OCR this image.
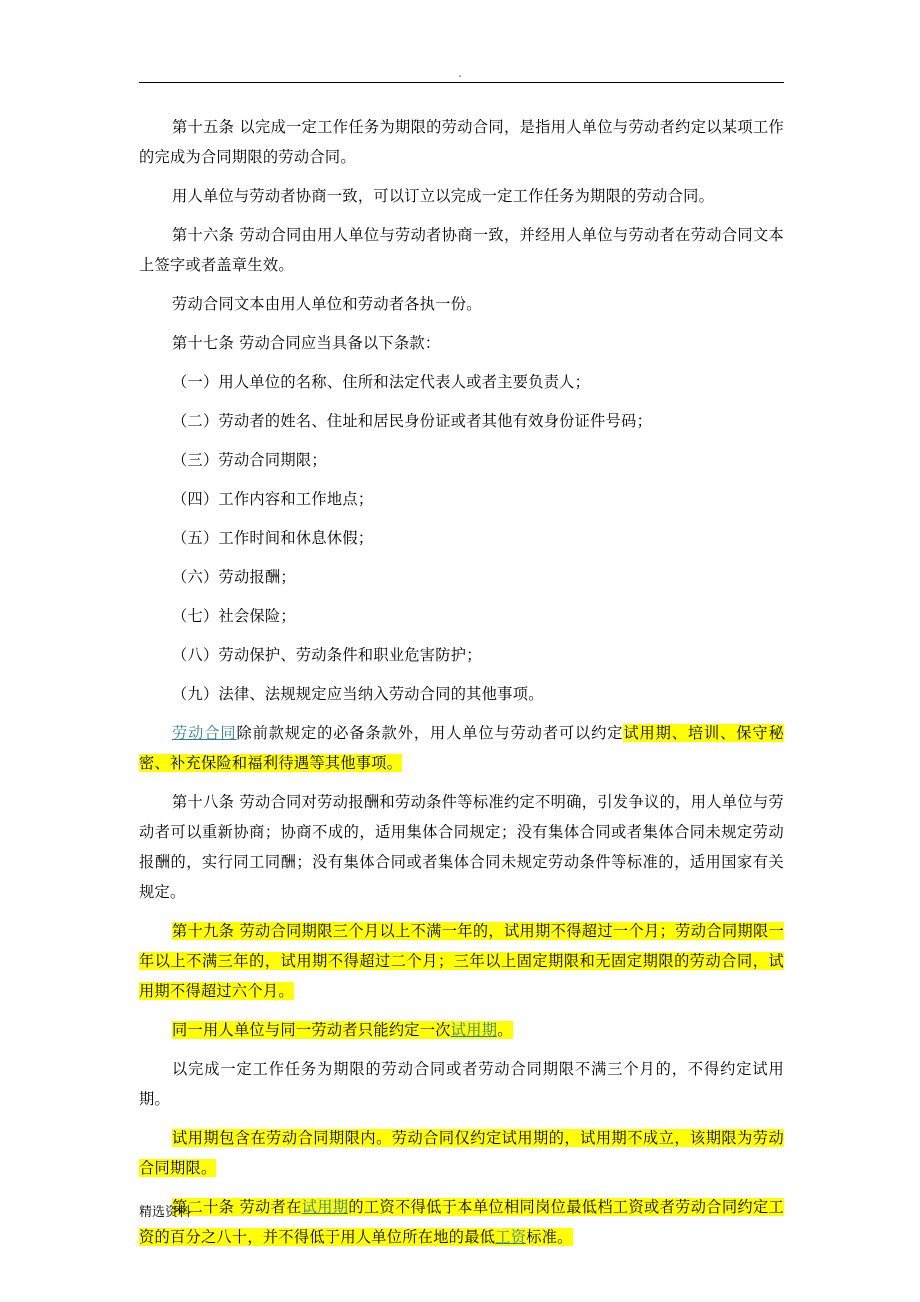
.

第十五条 以完成一定工作任务为期限的劳动合同，是指用人单位与劳动者约定以某项工作的完成为合同期限的劳动合同。

用人单位与劳动者协商一致，可以订立以完成一定工作任务为期限的劳动合同。

第十六条 劳动合同由用人单位与劳动者协商一致，并经用人单位与劳动者在劳动合同文本上签字或者盖章生效。

劳动合同文本由用人单位和劳动者各执一份。

第十七条 劳动合同应当具备以下条款：

（一）用人单位的名称、住所和法定代表人或者主要负责人；

（二）劳动者的姓名、住址和居民身份证或者其他有效身份证件号码；

（三）劳动合同期限；

（四）工作内容和工作地点；

（五）工作时间和休息休假；

（六）劳动报酬；

（七）社会保险；

（八）劳动保护、劳动条件和职业危害防护；

（九）法律、法规规定应当纳入劳动合同的其他事项。

劳动合同除前款规定的必备条款外，用人单位与劳动者可以约定试用期、培训、保守秘密、补充保险和福利待遇等其他事项。

第十八条 劳动合同对劳动报酬和劳动条件等标准约定不明确，引发争议的，用人单位与劳动者可以重新协商；协商不成的，适用集体合同规定；没有集体合同或者集体合同未规定劳动报酬的，实行同工同酬；没有集体合同或者集体合同未规定劳动条件等标准的，适用国家有关规定。

第十九条 劳动合同期限三个月以上不满一年的，试用期不得超过一个月；劳动合同期限一年以上不满三年的，试用期不得超过二个月；三年以上固定期限和无固定期限的劳动合同，试用期不得超过六个月。

同一用人单位与同一劳动者只能约定一次试用期。

以完成一定工作任务为期限的劳动合同或者劳动合同期限不满三个月的，不得约定试用期。

试用期包含在劳动合同期限内。劳动合同仅约定试用期的，试用期不成立，该期限为劳动合同期限。

第二十条 劳动者在试用期的工资不得低于本单位相同岗位最低档工资或者劳动合同约定工资的百分之八十，并不得低于用人单位所在地的最低工资标准。

精选资料
